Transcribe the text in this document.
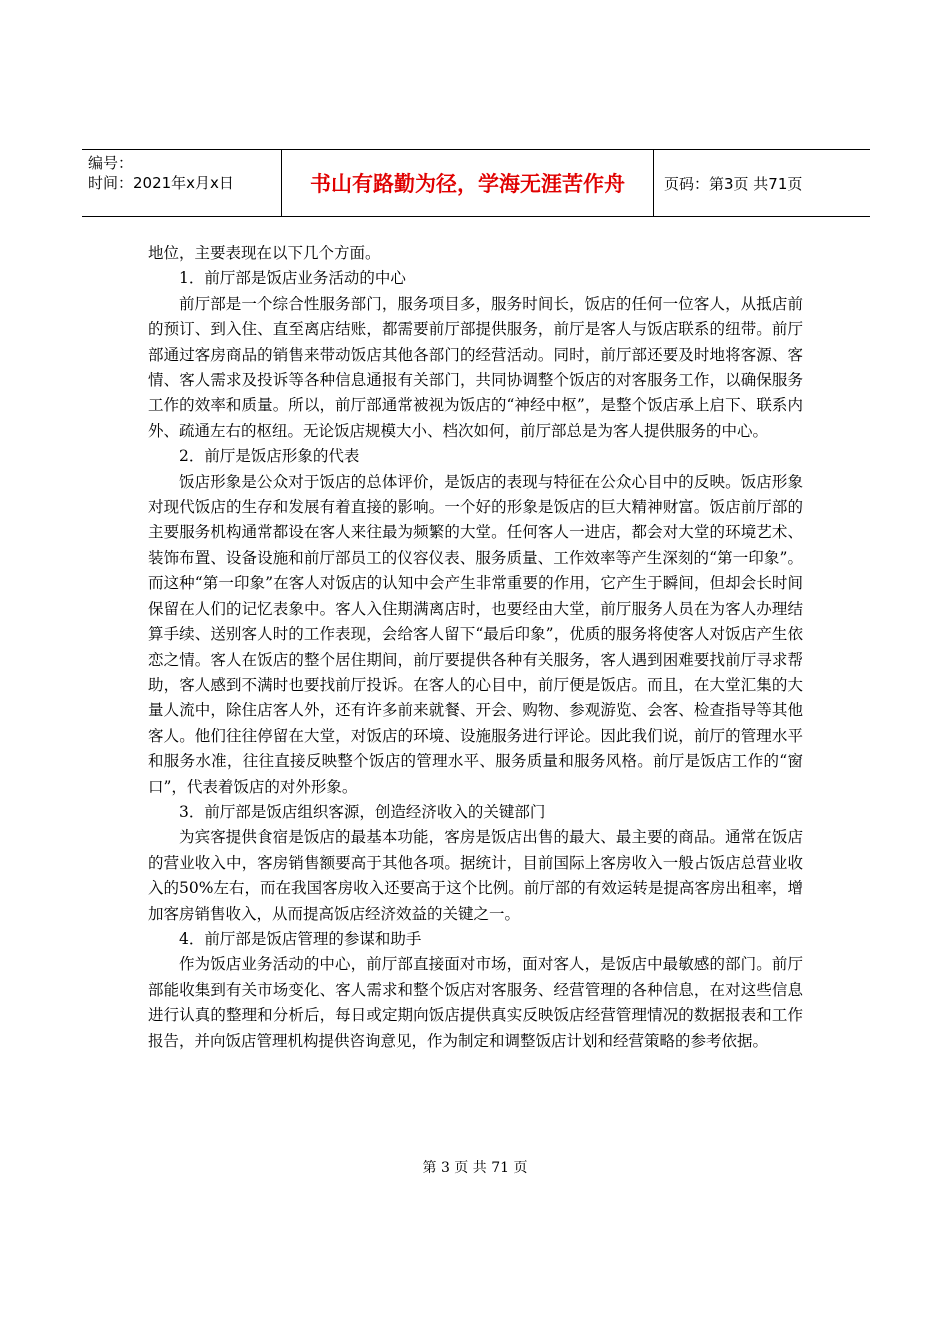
编号：
时间：2021年x月x日	书山有路勤为径，学海无涯苦作舟	页码：第3页 共71页

地位，主要表现在以下几个方面。

1．前厅部是饭店业务活动的中心

前厅部是一个综合性服务部门，服务项目多，服务时间长，饭店的任何一位客人，从抵店前的预订、到入住、直至离店结账，都需要前厅部提供服务，前厅是客人与饭店联系的纽带。前厅部通过客房商品的销售来带动饭店其他各部门的经营活动。同时，前厅部还要及时地将客源、客情、客人需求及投诉等各种信息通报有关部门，共同协调整个饭店的对客服务工作，以确保服务工作的效率和质量。所以，前厅部通常被视为饭店的“神经中枢”，是整个饭店承上启下、联系内外、疏通左右的枢纽。无论饭店规模大小、档次如何，前厅部总是为客人提供服务的中心。

2．前厅是饭店形象的代表

饭店形象是公众对于饭店的总体评价，是饭店的表现与特征在公众心目中的反映。饭店形象对现代饭店的生存和发展有着直接的影响。一个好的形象是饭店的巨大精神财富。饭店前厅部的主要服务机构通常都设在客人来往最为频繁的大堂。任何客人一进店，都会对大堂的环境艺术、装饰布置、设备设施和前厅部员工的仪容仪表、服务质量、工作效率等产生深刻的“第一印象”。而这种“第一印象”在客人对饭店的认知中会产生非常重要的作用，它产生于瞬间，但却会长时间保留在人们的记忆表象中。客人入住期满离店时，也要经由大堂，前厅服务人员在为客人办理结算手续、送别客人时的工作表现，会给客人留下“最后印象”，优质的服务将使客人对饭店产生依恋之情。客人在饭店的整个居住期间，前厅要提供各种有关服务，客人遇到困难要找前厅寻求帮助，客人感到不满时也要找前厅投诉。在客人的心目中，前厅便是饭店。而且，在大堂汇集的大量人流中，除住店客人外，还有许多前来就餐、开会、购物、参观游览、会客、检查指导等其他客人。他们往往停留在大堂，对饭店的环境、设施服务进行评论。因此我们说，前厅的管理水平和服务水准，往往直接反映整个饭店的管理水平、服务质量和服务风格。前厅是饭店工作的“窗口”，代表着饭店的对外形象。

3．前厅部是饭店组织客源，创造经济收入的关键部门

为宾客提供食宿是饭店的最基本功能，客房是饭店出售的最大、最主要的商品。通常在饭店的营业收入中，客房销售额要高于其他各项。据统计，目前国际上客房收入一般占饭店总营业收入的50%左右，而在我国客房收入还要高于这个比例。前厅部的有效运转是提高客房出租率，增加客房销售收入，从而提高饭店经济效益的关键之一。

4．前厅部是饭店管理的参谋和助手

作为饭店业务活动的中心，前厅部直接面对市场，面对客人，是饭店中最敏感的部门。前厅部能收集到有关市场变化、客人需求和整个饭店对客服务、经营管理的各种信息，在对这些信息进行认真的整理和分析后，每日或定期向饭店提供真实反映饭店经营管理情况的数据报表和工作报告，并向饭店管理机构提供咨询意见，作为制定和调整饭店计划和经营策略的参考依据。

第 3 页 共 71 页
